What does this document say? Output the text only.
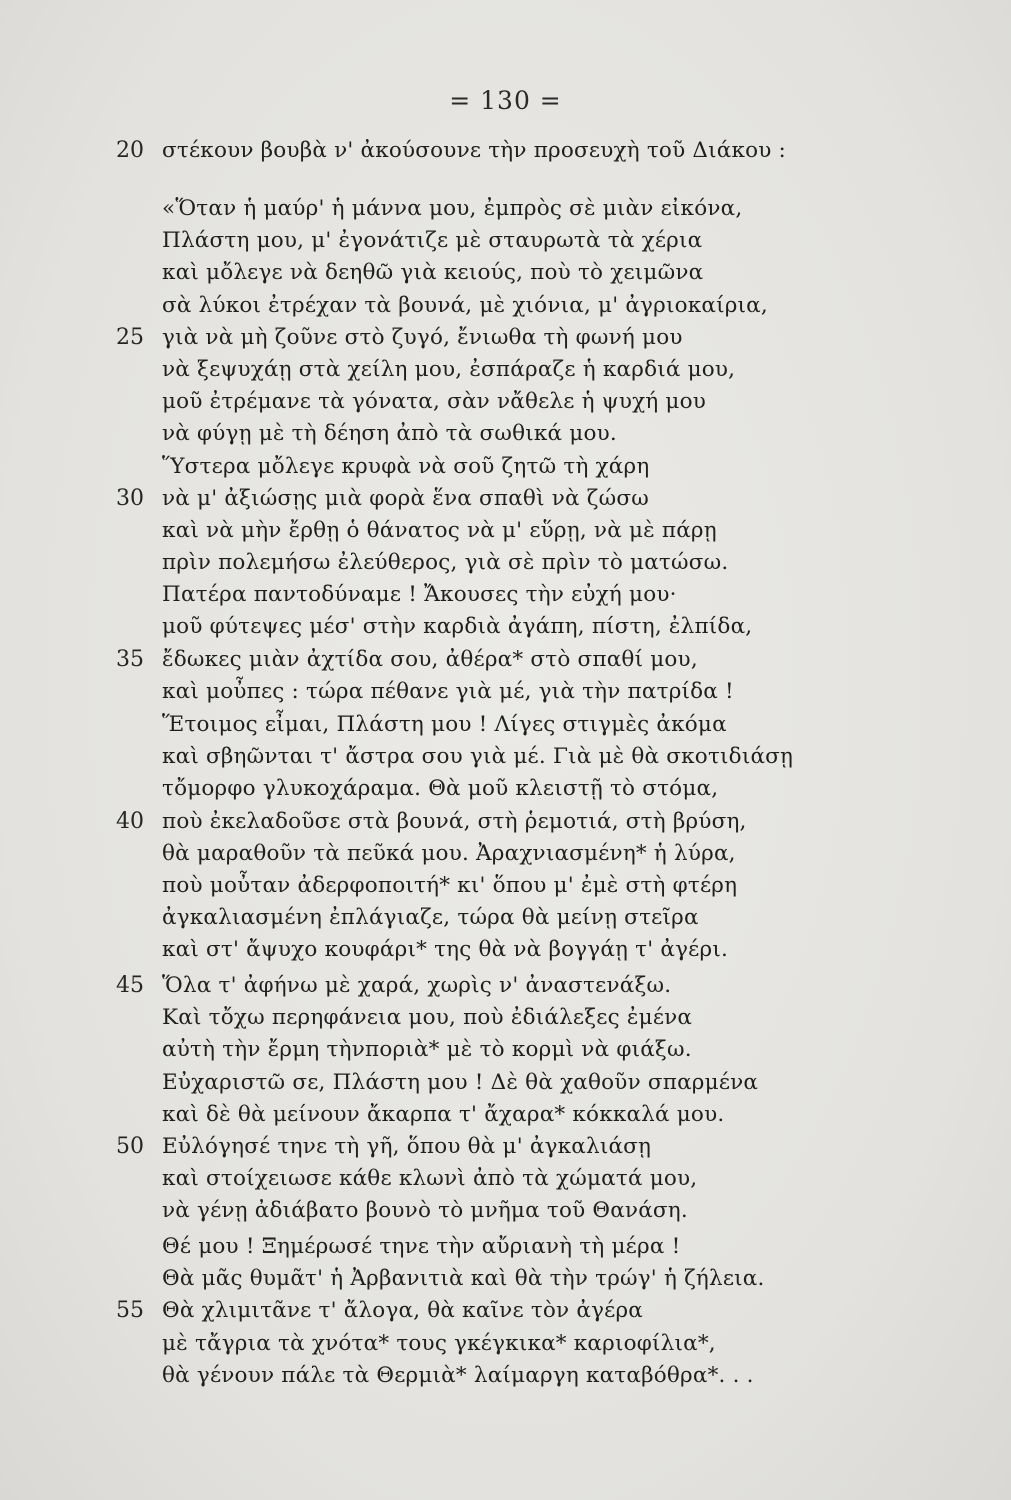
= 130 =
20 στέκουν βουβὰ ν' ἀκούσουνε τὴν προσευχὴ τοῦ Διάκου :
«Ὅταν ἡ μαύρ' ἡ μάννα μου, ἐμπρὸς σὲ μιὰν εἰκόνα,
Πλάστη μου, μ' ἐγονάτιζε μὲ σταυρωτὰ τὰ χέρια
καὶ μὄλεγε νὰ δεηθῶ γιὰ κειούς, ποὺ τὸ χειμῶνα
σὰ λύκοι ἐτρέχαν τὰ βουνά, μὲ χιόνια, μ' ἀγριοκαίρια,
25 γιὰ νὰ μὴ ζοῦνε στὸ ζυγό, ἔνιωθα τὴ φωνή μου
νὰ ξεψυχάῃ στὰ χείλη μου, ἐσπάραζε ἡ καρδιά μου,
μοῦ ἐτρέμανε τὰ γόνατα, σὰν νἄθελε ἡ ψυχή μου
νὰ φύγῃ μὲ τὴ δέηση ἀπὸ τὰ σωθικά μου.
Ὕστερα μὄλεγε κρυφὰ νὰ σοῦ ζητῶ τὴ χάρη
30 νὰ μ' ἀξιώσῃς μιὰ φορὰ ἕνα σπαθὶ νὰ ζώσω
καὶ νὰ μὴν ἔρθῃ ὁ θάνατος νὰ μ' εὕρῃ, νὰ μὲ πάρῃ
πρὶν πολεμήσω ἐλεύθερος, γιὰ σὲ πρὶν τὸ ματώσω.
Πατέρα παντοδύναμε ! Ἄκουσες τὴν εὐχή μου·
μοῦ φύτεψες μέσ' στὴν καρδιὰ ἀγάπη, πίστη, ἐλπίδα,
35 ἔδωκες μιὰν ἀχτίδα σου, ἀθέρα* στὸ σπαθί μου,
καὶ μοὖπες : τώρα πέθανε γιὰ μέ, γιὰ τὴν πατρίδα !
Ἕτοιμος εἶμαι, Πλάστη μου ! Λίγες στιγμὲς ἀκόμα
καὶ σβηῶνται τ' ἄστρα σου γιὰ μέ. Γιὰ μὲ θὰ σκοτιδιάσῃ
τὄμορφο γλυκοχάραμα. Θὰ μοῦ κλειστῇ τὸ στόμα,
40 ποὺ ἐκελαδοῦσε στὰ βουνά, στὴ ῥεμοτιά, στὴ βρύση,
θὰ μαραθοῦν τὰ πεῦκά μου. Ἀραχνιασμένη* ἡ λύρα,
ποὺ μοὖταν ἀδερφοποιτή* κι' ὅπου μ' ἐμὲ στὴ φτέρη
ἀγκαλιασμένη ἐπλάγιαζε, τώρα θὰ μείνῃ στεῖρα
καὶ στ' ἄψυχο κουφάρι* της θὰ νὰ βογγάῃ τ' ἀγέρι.
45 Ὅλα τ' ἀφήνω μὲ χαρά, χωρὶς ν' ἀναστενάξω.
Καὶ τὄχω περηφάνεια μου, ποὺ ἐδιάλεξες ἐμένα
αὐτὴ τὴν ἔρμη τὴνποριὰ* μὲ τὸ κορμὶ νὰ φιάξω.
Εὐχαριστῶ σε, Πλάστη μου ! Δὲ θὰ χαθοῦν σπαρμένα
καὶ δὲ θὰ μείνουν ἄκαρπα τ' ἄχαρα* κόκκαλά μου.
50 Εὐλόγησέ τηνε τὴ γῆ, ὅπου θὰ μ' ἀγκαλιάσῃ
καὶ στοίχειωσε κάθε κλωνὶ ἀπὸ τὰ χώματά μου,
νὰ γένῃ ἀδιάβατο βουνὸ τὸ μνῆμα τοῦ Θανάση.
Θέ μου ! Ξημέρωσέ τηνε τὴν αὔριανὴ τὴ μέρα !
Θὰ μᾶς θυμᾶτ' ἡ Ἀρβανιτιὰ καὶ θὰ τὴν τρώγ' ἡ ζήλεια.
55 Θὰ χλιμιτᾶνε τ' ἄλογα, θὰ καῖνε τὸν ἀγέρα
μὲ τἄγρια τὰ χνότα* τους γκέγκικα* καριοφίλια*,
θὰ γένουν πάλε τὰ Θερμιὰ* λαίμαργη καταβόθρα*. . .
